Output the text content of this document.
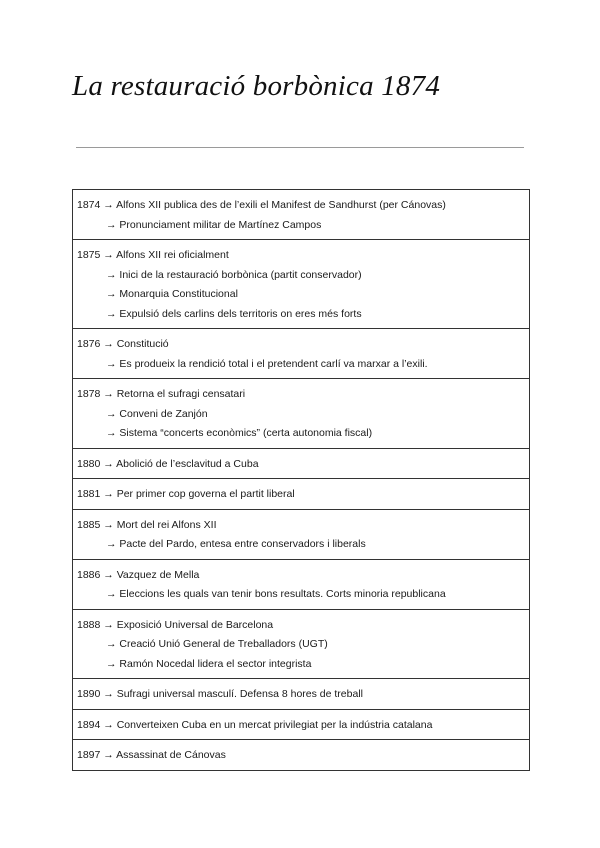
La restauració borbònica 1874
1874 → Alfons XII publica des de l’exili el Manifest de Sandhurst (per Cánovas)
→ Pronunciament militar de Martínez Campos
1875 → Alfons XII rei oficialment
→ Inici de la restauració borbònica (partit conservador)
→ Monarquia Constitucional
→ Expulsió dels carlins dels territoris on eres més forts
1876 → Constitució
→ Es produeix la rendició total i el pretendent carlí va marxar a l’exili.
1878 → Retorna el sufragi censatari
→ Conveni de Zanjón
→ Sistema “concerts econòmics” (certa autonomia fiscal)
1880 → Abolició de l’esclavitud a Cuba
1881 → Per primer cop governa el partit liberal
1885 → Mort del rei Alfons XII
→ Pacte del Pardo, entesa entre conservadors i liberals
1886 → Vazquez de Mella
→ Eleccions les quals van tenir bons resultats. Corts minoria republicana
1888 → Exposició Universal de Barcelona
→ Creació Unió General de Treballadors (UGT)
→ Ramón Nocedal lidera el sector integrista
1890 → Sufragi universal masculí. Defensa 8 hores de treball
1894 → Converteixen Cuba en un mercat privilegiat per la indústria catalana
1897 → Assassinat de Cánovas
